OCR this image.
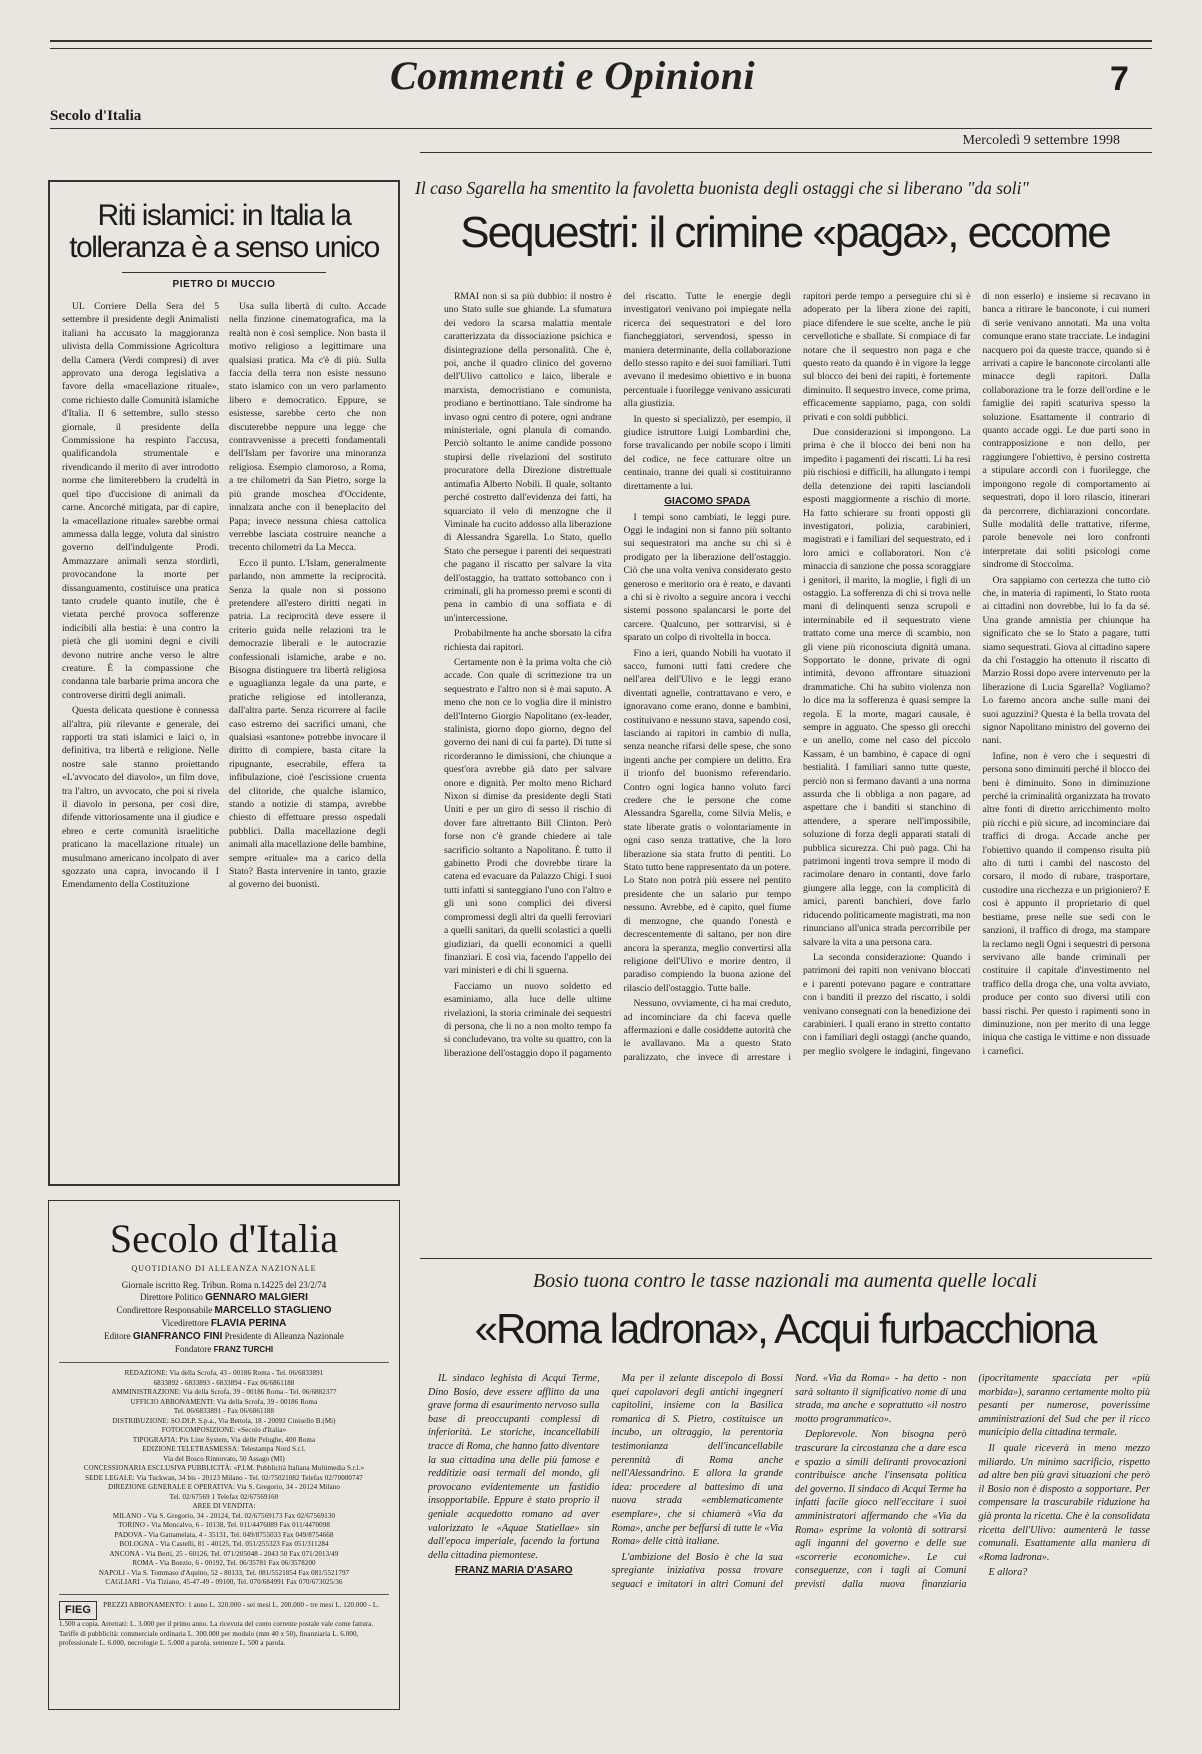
Commenti e Opinioni	7
Secolo d'Italia
Mercoledì 9 settembre 1998
Riti islamici: in Italia la tolleranza è a senso unico
PIETRO DI MUCCIO

UL Corriere Della Sera del 5 settembre il presidente degli Animalisti italiani ha accusato la maggioranza ulivista della Commissione Agricoltura della Camera (Verdi compresi) di aver approvato una deroga legislativa a favore della «macellazione rituale», come richiesto dalle Comunità islamiche d'Italia. Il 6 settembre, sullo stesso giornale, il presidente della Commissione ha respinto l'accusa, qualificandola strumentale e rivendicando il merito di aver introdotto norme che limiterebbero la crudeltà in quel tipo d'uccisione di animali da carne. Ancorché mitigata, par di capire, la «macellazione rituale» sarebbe ormai ammessa dalla legge, voluta dal sinistro governo dell'indulgente Prodi. Ammazzare animali senza stordirli, provocandone la morte per dissanguamento, costituisce una pratica tanto crudele quanto inutile, che è vietata perché provoca sofferenze indicibili alla bestia: è una contro la pietà che gli uomini degni e civili devono nutrire anche verso le altre creature. È la compassione che condanna tale barbarie prima ancora che controverse dirittì degli animali.

Questa delicata questione è connessa all'altra, più rilevante e generale, dei rapporti tra stati islamici e laici o, in definitiva, tra libertà e religione. Nelle nostre sale stanno proiettando «L'avvocato del diavolo», un film dove, tra l'altro, un avvocato, che poi si rivela il diavolo in persona, per così dire, difende vittoriosamente una il giudice e ebreo e certe comunità israelitiche praticano la macellazione rituale) un musulmano americano incolpato di aver sgozzato una capra, invocando il I Emendamento della Costituzione

Usa sulla libertà di culto. Accade nella finzione cinematografica, ma la realtà non è così semplice. Non basta il motivo religioso a legittimare una qualsiasi pratica. Ma c'è di più. Sulla faccia della terra non esiste nessuno stato islamico con un vero parlamento libero e democratico. Eppure, se esistesse, sarebbe certo che non discuterebbe neppure una legge che contravvenisse a precetti fondamentali dell'Islam per favorire una minoranza religiosa. Esempio clamoroso, a Roma, a tre chilometri da San Pietro, sorge la più grande moschea d'Occidente, innalzata anche con il beneplacito del Papa; invece nessuna chiesa cattolica verrebbe lasciata costruire neanche a trecento chilometri da La Mecca.

Ecco il punto. L'Islam, generalmente parlando, non ammette la reciprocità. Senza la quale non si possono pretendere all'estero diritti negati in patria. La reciprocità deve essere il criterio guida nelle relazioni tra le democrazie liberali e le autocrazie confessionali islamiche, arabe e no. Bisogna distinguere tra libertà religiosa e uguaglianza legale da una parte, e pratiche religiose ed intolleranza, dall'altra parte. Senza ricorrere al facile caso estremo dei sacrifici umani, che qualsiasi «santone» potrebbe invocare il diritto di compiere, basta citare la ripugnante, esecrabile, effera ta infibulazione, cioè l'escissione cruenta del clitoride, che qualche islamico, stando a notizie di stampa, avrebbe chiesto di effettuare presso ospedali pubblici. Dalla macellazione degli animali alla macellazione delle bambine, sempre «rituale» ma a carico della Stato? Basta intervenire in tanto, grazie al governo dei buonisti.

Il caso Sgarella ha smentito la favoletta buonista degli ostaggi che si liberano "da soli"
Sequestri: il crimine «paga», eccome

RMAI non si sa più dubbio: il nostro è uno Stato sulle sue ghiande. La sfumatura dei vedoro la scarsa malattia mentale caratterizzata da dissociazione psichica e disintegrazione della personalità. Che è, poi, anche il quadro clinico del governo dell'Ulivo cattolico e laico, liberale e marxista, democristiano e comunista, prodiano e bertinottiano. Tale sindrome ha invaso ogni centro di potere, ogni andrane ministeriale, ogni planula di comando. Perciò soltanto le anime candide possono stupirsi delle rivelazioni del sostituto procuratore della Direzione distrettuale antimafia Alberto Nobili. Il quale, soltanto perché costretto dall'evidenza dei fatti, ha squarciato il velo di menzogne che il Viminale ha cucito addosso alla liberazione di Alessandra Sgarella. Lo Stato, quello Stato che persegue i parenti dei sequestrati che pagano il riscatto per salvare la vita dell'ostaggio, ha trattato sottobanco con i criminali, gli ha promesso premi e sconti di pena in cambio di una soffiata e di un'intercessione.

Probabilmente ha anche sborsato la cifra richiesta dai rapitori.

Certamente non è la prima volta che ciò accade. Con quale di scrittezione tra un sequestrato e l'altro non si è mai saputo. A meno che non ce lo voglia dire il ministro dell'Interno Giorgio Napolitano (ex-leader, stalinista, giorno dopo giorno, degno del governo dei nani di cui fa parte). Di tutte si ricorderanno le dimissioni, che chiunque a quest'ora avrebbe già dato per salvare onore e dignità. Per molto meno Richard Nixon si dimise da presidente degli Stati Uniti e per un giro di sesso il rischio di dover fare altrettanto Bill Clinton. Però forse non c'è grande chiedere ai tale sacrificio soltanto a Napolitano. È tutto il gabinetto Prodi che dovrebbe tirare la catena ed evacuare da Palazzo Chigi. I suoi tutti infatti si santeggiano l'uno con l'altro e gli uni sono complici dei diversi compromessi degli altri da quelli ferroviari a quelli sanitari, da quelli scolastici a quelli giudiziari, da quelli economici a quelli finanziari. E così via, facendo l'appello dei vari ministeri e di chi li sguerna.

Facciamo un nuovo soldetto ed esaminiamo, alla luce delle ultime rivelazioni, la storia criminale dei sequestri di persona, che li no a non molto tempo fa si concludevano, tra volte su quattro, con la liberazione dell'ostaggio dopo il pagamento del riscatto. Tutte le energie degli investigatori venivano poi impiegate nella ricerca dei sequestratori e del loro fiancheggiatori, servendosi, spesso in maniera determinante, della collaborazione dello stesso rapito e dei suoi familiari. Tutti avevano il medesimo obiettivo e in buona percentuale i fuorilegge venivano assicurati alla giustizia.

In questo si specializzò, per esempio, il giudice istruttore Luigi Lombardini che, forse travalicando per nobile scopo i limiti del codice, ne fece catturare oltre un centinaio, tranne dei quali si costituiranno direttamente a lui.

GIACOMO SPADA

I tempi sono cambiati, le leggi pure. Oggi le indagini non si fanno più soltanto sui sequestratori ma anche su chi si è prodigato per la liberazione dell'ostaggio. Ciò che una volta veniva considerato gesto generoso e meritorio ora è reato, e davanti a chi si è rivolto a seguire ancora i vecchi sistemi possono spalancarsi le porte del carcere. Qualcuno, per sottrarvisi, si è sparato un colpo di rivoltella in bocca.

Fino a ieri, quando Nobili ha vuotato il sacco, fumoni tutti fatti credere che nell'area dell'Ulivo e le leggi erano diventati agnelle, contrattavano e vero, e ignoravano come erano, donne e bambini, costituivano e nessuno stava, sapendo così, lasciando ai rapitori in cambio di nulla, senza neanche rifarsi delle spese, che sono ingenti anche per compiere un delitto. Era il trionfo del buonismo referendario. Contro ogni logica hanno voluto farci credere che le persone che come Alessandra Sgarella, come Silvia Melis, e state liberate gratis o volontariamente in ogni caso senza trattative, che la loro liberazione sia stata frutto di pentiti. Lo Stato tutto bene rappresentato da un potere. Lo Stato non potrà più essere nel pentito presidente che un salario pur tempo nessuno. Avrebbe, ed è capito, quel fiume di menzogne, che quando l'onestà e decrescentemente di saltano, per non dire ancora la speranza, meglio convertirsi alla religione dell'Ulivo e morire dentro, il paradiso compiendo la buona azione del rilascio dell'ostaggio. Tutte balle.

Nessuno, ovviamente, ci ha mai creduto, ad incominciare da chi faceva quelle affermazioni e dalle cosiddette autorità che le avallavano. Ma a questo Stato paralizzato, che invece di arrestare i rapitori perde tempo a perseguire chi si è adoperato per la libera zione dei rapiti, piace difendere le sue scelte, anche le più cervellotiche e sballate. Si compiace di far notare che il sequestro non paga e che questo reato da quando è in vigore la legge sul blocco dei beni dei rapiti, è fortemente diminuito. Il sequestro invece, come prima, efficacemente sappiamo, paga, con soldi privati e con soldi pubblici.

Due considerazioni si impongono. La prima è che il blocco dei beni non ha impedito i pagamenti dei riscatti. Li ha resi più rischiosi e difficili, ha allungato i tempi della detenzione dei rapiti lasciandoli esposti maggiormente a rischio di morte. Ha fatto schierare su fronti opposti gli investigatori, polizia, carabinieri, magistrati e i familiari del sequestrato, ed i loro amici e collaboratori. Non c'è minaccia di sanzione che possa scoraggiare i genitori, il marito, la moglie, i figli di un ostaggio. La sofferenza di chi si trova nelle mani di delinquenti senza scrupoli e interminabile ed il sequestrato viene trattato come una merce di scambio, non gli viene più riconosciuta dignità umana. Sopportato le donne, private di ogni intimità, devono affrontare situazioni drammatiche. Chi ha subìto violenza non lo dice ma la sofferenza è quasi sempre la regola. E la morte, magari causale, è sempre in agguato. Che spesso gli orecchi e un anello, come nel caso del piccolo Kassam, è un bambino, è capace di ogni bestialità. I familiari sanno tutte queste, perciò non si fermano davanti a una norma assurda che li obbliga a non pagare, ad aspettare che i banditi si stanchino di attendere, a sperare nell'impossibile, soluzione di forza degli apparati statali di pubblica sicurezza. Chi può paga. Chi ha patrimoni ingenti trova sempre il modo di racimolare denaro in contanti, dove farlo giungere alla legge, con la complicità di amici, parenti banchieri, dove farlo riducendo politicamente magistrati, ma non rinunciano all'unica strada percorribile per salvare la vita a una persona cara.

La seconda considerazione: Quando i patrimoni dei rapiti non venivano bloccati e i parenti potevano pagare e contrattare con i banditi il prezzo del riscatto, i soldi venivano consegnati con la benedizione dei carabinieri. I quali erano in stretto contatto con i familiari degli ostaggi (anche quando, per meglio svolgere le indagini, fingevano di non esserlo) e insieme si recavano in banca a ritirare le banconote, i cui numeri di serie venivano annotati. Ma una volta comunque erano state tracciate. Le indagini nacquero poi da queste tracce, quando si è arrivati a capire le banconote circolanti alle minacce degli rapitori. Dalla collaborazione tra le forze dell'ordine e le famiglie dei rapiti scaturiva spesso la soluzione. Esattamente il contrario di quanto accade oggi. Le due parti sono in contrapposizione e non dello, per raggiungere l'obiettivo, è persino costretta a stipulare accordi con i fuorilegge, che impongono regole di comportamento ai sequestrati, dopo il loro rilascio, itinerari da percorrere, dichiarazioni concordate. Sulle modalità delle trattative, riferme, parole benevole nei loro confronti interpretate dai soliti psicologi come sindrome di Stoccolma.

Ora sappiamo con certezza che tutto ciò che, in materia di rapimenti, lo Stato ruota ai cittadini non dovrebbe, lui lo fa da sé. Una grande amnistia per chiunque ha significato che se lo Stato a pagare, tutti siamo sequestrati. Giova al cittadino sapere da chi l'ostaggio ha ottenuto il riscatto di Marzio Rossi dopo avere intervenuto per la liberazione di Lucia Sgarella? Vogliamo? Lo faremo ancora anche sulle mani dei suoi aguzzini? Questa è la bella trovata del signor Napolitano ministro del governo dei nani.

Infine, non è vero che i sequestri di persona sono diminuiti perché il blocco dei beni è diminuito. Sono in diminuzione perché la criminalità organizzata ha trovato altre fonti di diretto arricchimento molto più ricchi e più sicure, ad incominciare dai traffici di droga. Accade anche per l'obiettivo quando il compenso risulta più alto di tutti i cambi del nascosto del corsaro, il modo di rubare, trasportare, custodire una ricchezza e un prigioniero? E così è appunto il proprietario di quel bestiame, prese nelle sue sedi con le sanzioni, il traffico di droga, ma stampare la reclamo negli Ogni i sequestri di persona servivano alle bande criminali per costituire il capitale d'investimento nel traffico della droga che, una volta avviato, produce per conto suo diversi utili con bassi rischi. Per questo i rapimenti sono in diminuzione, non per merito di una legge iniqua che castiga le vittime e non dissuade i carnefici.

Secolo d'Italia
QUOTIDIANO DI ALLEANZA NAZIONALE
Giornale iscritto Reg. Tribun. Roma n.14225 del 23/2/74
Direttore Politico GENNARO MALGIERI
Condirettore Responsabile MARCELLO STAGLIENO
Vicedirettore FLAVIA PERINA
Editore GIANFRANCO FINI Presidente di Alleanza Nazionale
Fondatore FRANZ TURCHI
REDAZIONE: Via della Scrofa, 43 - 00186 Roma - Tel. 06/6833891
6833892 - 6833893 - 6833894 - Fax 06/6861188
AMMINISTRAZIONE: Via della Scrofa, 39 - 00186 Roma - Tel. 06/6882377
UFFICIO ABBONAMENTI: Via della Scrofa, 39 - 00186 Roma
Tel. 06/6833891 - Fax 06/6861188
DISTRIBUZIONE: SO.DI.P. S.p.a., Via Bettola, 18 - 20092 Cinisello B.(Mi)
FOTOCOMPOSIZIONE: «Secolo d'Italia»
TIPOGRAFIA: Pix Line System, Via delle Pelughe, 400 Roma
EDIZIONE TELETRASMESSA: Telestampa Nord S.r.l.
Via del Bosco Rinnovato, 50 Assago (MI)
CONCESSIONARIA ESCLUSIVA PUBBLICITÀ: «P.I.M. Pubblicità Italiana Multimedia S.r.l.»
SEDE LEGALE: Via Tuckwan, 34 bis - 20123 Milano - Tel. 02/75021082 Telefax 02/70000747
DIREZIONE GENERALE E OPERATIVA: Via S. Gregorio, 34 - 20124 Milano
Tel. 02/67569 1 Telefax 02/67569160
AREE DI VENDITA:
MILANO - Via S. Gregorio, 34 - 20124, Tel. 02/67569173 Fax 02/67569130
TORINO - Via Moncalvo, 6 - 10138, Tel. 011/4476089 Fax 011/4470098
PADOVA - Via Gattamelata, 4 - 35131, Tel. 049/8755033 Fax 049/8754668
BOLOGNA - Via Castelli, 81 - 40125, Tel. 051/255323 Fax 051/311284
ANCONA - Via Berti, 25 - 60126, Tel. 071/205048 - 2043 50 Fax 071/2013/49
ROMA - Via Boezio, 6 - 00192, Tel. 06/35781 Fax 06/3578200
NAPOLI - Via S. Tommaso d'Aquino, 52 - 80133, Tel. 081/5521854 Fax 081/5521797
CAGLIARI - Via Tiziano, 45-47-49 - 09100, Tel. 070/684991 Fax 070/673025/36
FIEG PREZZI ABBONAMENTO: 1 anno L. 320.000 - sei mesi L. 200.000 - tre mesi L. 120.000 - L. 1.500 a copia. Arretrati: L. 3.000 per il primo anno. La ricevuta del conto corrente postale vale come fattura. Tariffe di pubblicità: commerciale ordinaria L. 300.000 per modulo (mm 40 x 50), finanziaria L. 6.000, professionale L. 6.000, necrologie L. 5.000 a parola, sentenze L. 500 a parola.
Bosio tuona contro le tasse nazionali ma aumenta quelle locali
«Roma ladrona», Acqui furbacchiona

IL sindaco leghista di Acqui Terme, Dino Bosio, deve essere afflitto da una grave forma di esaurimento nervoso sulla base di preoccupanti complessi di inferiorità. Le storiche, incancellabili tracce di Roma, che hanno fatto diventare la sua cittadina una delle più famose e redditizie oasi termali del mondo, gli provocano evidentemente un fastidio insopportabile. Eppure è stato proprio il geniale acquedotto romano ad aver valorizzato le «Aquae Statiellae» sin dall'epoca imperiale, facendo la fortuna della cittadina piemontese.

FRANZ MARIA D'ASARO

Ma per il zelante discepolo di Bossi quei capolavori degli antichi ingegneri capitolini, insieme con la Basilica romanica di S. Pietro, costituisce un incubo, un oltraggio, la perentoria testimonianza dell'incancellabile perennità di Roma anche nell'Alessandrino. E allora la grande idea: procedere al battesimo di una nuova strada «emblematicamente esemplare», che si chiamerà «Via da Roma», anche per beffarsi di tutte le «Via Roma» delle città italiane.

L'ambizione del Bosio è che la sua spregiante iniziativa possa trovare seguaci e imitatori in altri Comuni del Nord. «Via da Roma» - ha detto - non sarà soltanto il significativo nome di una strada, ma anche e soprattutto «il nostro motto programmatico».

Deplorevole. Non bisogna però trascurare la circostanza che a dare esca e spazio a simili deliranti provocazioni contribuisce anche l'insensata politica del governo. Il sindaco di Acqui Terme ha infatti facile gioco nell'eccitare i suoi amministratori affermando che «Via da Roma» esprime la volontà di sottrarsi agli inganni del governo e delle sue «scorrerie economiche». Le cui conseguenze, con i tagli ai Comuni previsti dalla nuova finanziaria (ipocritamente spacciata per «più morbida»), saranno certamente molto più pesanti per numerose, poverissime amministrazioni del Sud che per il ricco municipio della cittadina termale.

Il quale riceverà in meno mezzo miliardo. Un minimo sacrificio, rispetto ad altre ben più gravi situazioni che però il Bosio non è disposto a sopportare. Per compensare la trascurabile riduzione ha già pronta la ricetta. Che è la consolidata ricetta dell'Ulivo: aumenterà le tasse comunali. Esattamente alla maniera di «Roma ladrona».

E allora?
